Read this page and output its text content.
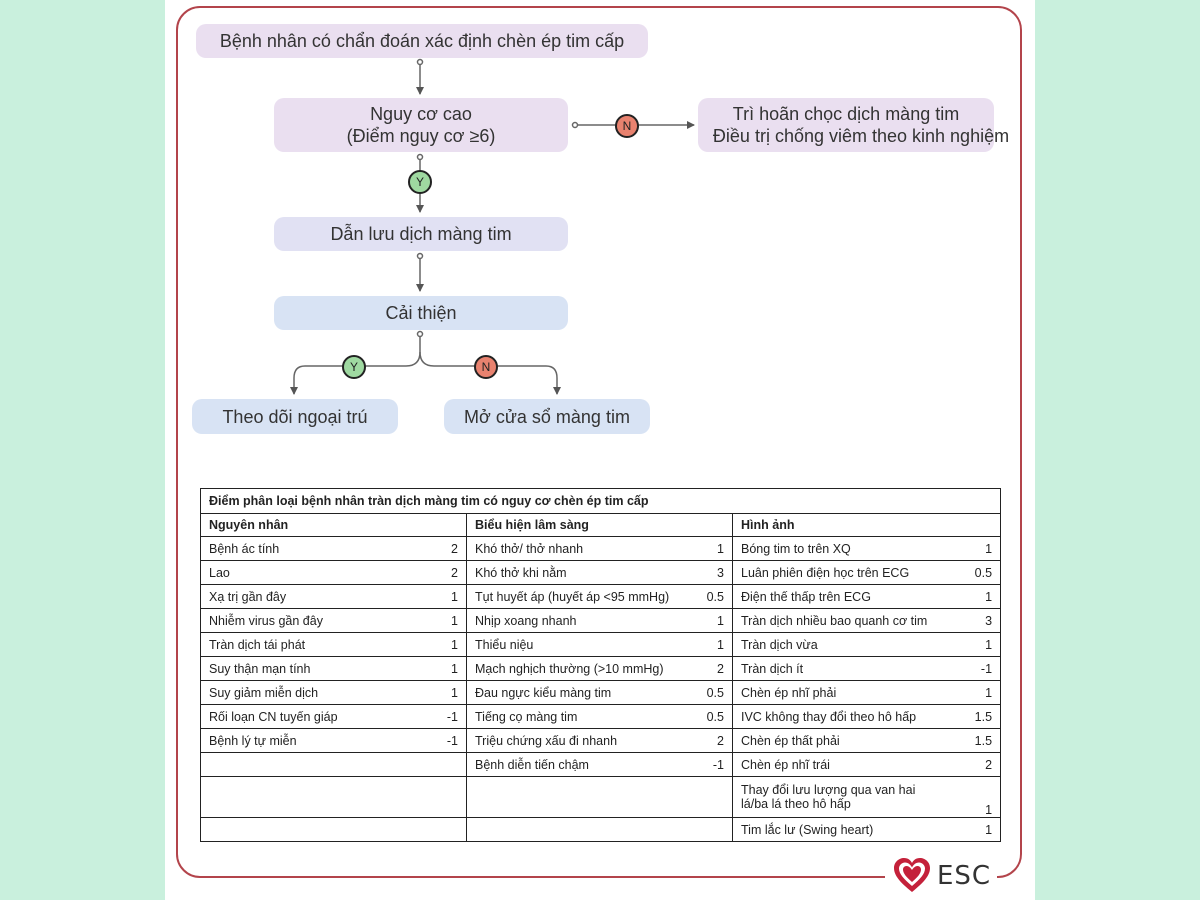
Bệnh nhân có chẩn đoán xác định chèn ép tim cấp
Nguy cơ cao
(Điểm nguy cơ ≥6)
Trì hoãn chọc dịch màng tim
Điều trị chống viêm theo kinh nghiệm
Dẫn lưu dịch màng tim
Cải thiện
Theo dõi ngoại trú	Mở cửa sổ màng tim
N
Y
Y	N
Điểm phân loại bệnh nhân tràn dịch màng tim có nguy cơ chèn ép tim cấp					
Nguyên nhân		Biểu hiện lâm sàng		Hình ảnh	
Bệnh ác tính	2	Khó thở/ thở nhanh	1	Bóng tim to trên XQ	1
Lao	2	Khó thở khi nằm	3	Luân phiên điện học trên ECG	0.5
Xạ trị gần đây	1	Tụt huyết áp (huyết áp <95 mmHg)	0.5	Điện thế thấp trên ECG	1
Nhiễm virus gần đây	1	Nhịp xoang nhanh	1	Tràn dịch nhiều bao quanh cơ tim	3
Tràn dịch tái phát	1	Thiểu niệu	1	Tràn dịch vừa	1
Suy thận mạn tính	1	Mạch nghịch thường (>10 mmHg)	2	Tràn dịch ít	-1
Suy giảm miễn dịch	1	Đau ngực kiểu màng tim	0.5	Chèn ép nhĩ phải	1
Rối loạn CN tuyến giáp	-1	Tiếng cọ màng tim	0.5	IVC không thay đổi theo hô hấp	1.5
Bệnh lý tự miễn	-1	Triệu chứng xấu đi nhanh	2	Chèn ép thất phải	1.5
		Bệnh diễn tiến chậm	-1	Chèn ép nhĩ trái	2
				Thay đổi lưu lượng qua van hai lá/ba lá theo hô hấp	1
				Tim lắc lư (Swing heart)	1
ESC
